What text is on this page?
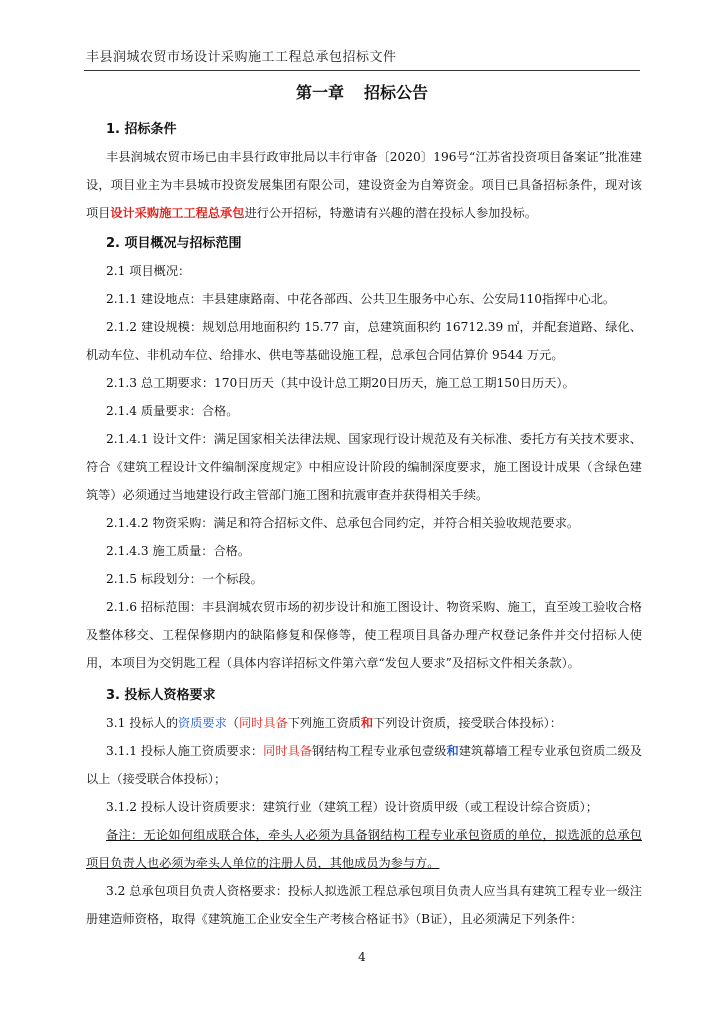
丰县润城农贸市场设计采购施工工程总承包招标文件
第一章 招标公告
1. 招标条件
丰县润城农贸市场已由丰县行政审批局以丰行审备〔2020〕196号“江苏省投资项目备案证”批准建设，项目业主为丰县城市投资发展集团有限公司，建设资金为自筹资金。项目已具备招标条件，现对该项目设计采购施工工程总承包进行公开招标，特邀请有兴趣的潜在投标人参加投标。
2. 项目概况与招标范围
2.1 项目概况：
2.1.1 建设地点：丰县建康路南、中花各部西、公共卫生服务中心东、公安局110指挥中心北。
2.1.2 建设规模：规划总用地面积约 15.77 亩，总建筑面积约 16712.39 ㎡，并配套道路、绿化、机动车位、非机动车位、给排水、供电等基础设施工程，总承包合同估算价 9544 万元。
2.1.3 总工期要求：170日历天（其中设计总工期20日历天，施工总工期150日历天）。
2.1.4 质量要求：合格。
2.1.4.1 设计文件：满足国家相关法律法规、国家现行设计规范及有关标准、委托方有关技术要求、符合《建筑工程设计文件编制深度规定》中相应设计阶段的编制深度要求，施工图设计成果（含绿色建筑等）必须通过当地建设行政主管部门施工图和抗震审查并获得相关手续。
2.1.4.2 物资采购：满足和符合招标文件、总承包合同约定，并符合相关验收规范要求。
2.1.4.3 施工质量：合格。
2.1.5 标段划分：一个标段。
2.1.6 招标范围：丰县润城农贸市场的初步设计和施工图设计、物资采购、施工，直至竣工验收合格及整体移交、工程保修期内的缺陷修复和保修等，使工程项目具备办理产权登记条件并交付招标人使用，本项目为交钥匙工程（具体内容详招标文件第六章“发包人要求”及招标文件相关条款）。
3. 投标人资格要求
3.1 投标人的资质要求（同时具备下列施工资质和下列设计资质，接受联合体投标）：
3.1.1 投标人施工资质要求：同时具备钢结构工程专业承包壹级和建筑幕墙工程专业承包资质二级及以上（接受联合体投标）；
3.1.2 投标人设计资质要求：建筑行业（建筑工程）设计资质甲级（或工程设计综合资质）；
备注：无论如何组成联合体，牵头人必须为具备钢结构工程专业承包资质的单位，拟选派的总承包项目负责人也必须为牵头人单位的注册人员，其他成员为参与方。
3.2 总承包项目负责人资格要求：投标人拟选派工程总承包项目负责人应当具有建筑工程专业一级注册建造师资格，取得《建筑施工企业安全生产考核合格证书》（B证），且必须满足下列条件：
4
